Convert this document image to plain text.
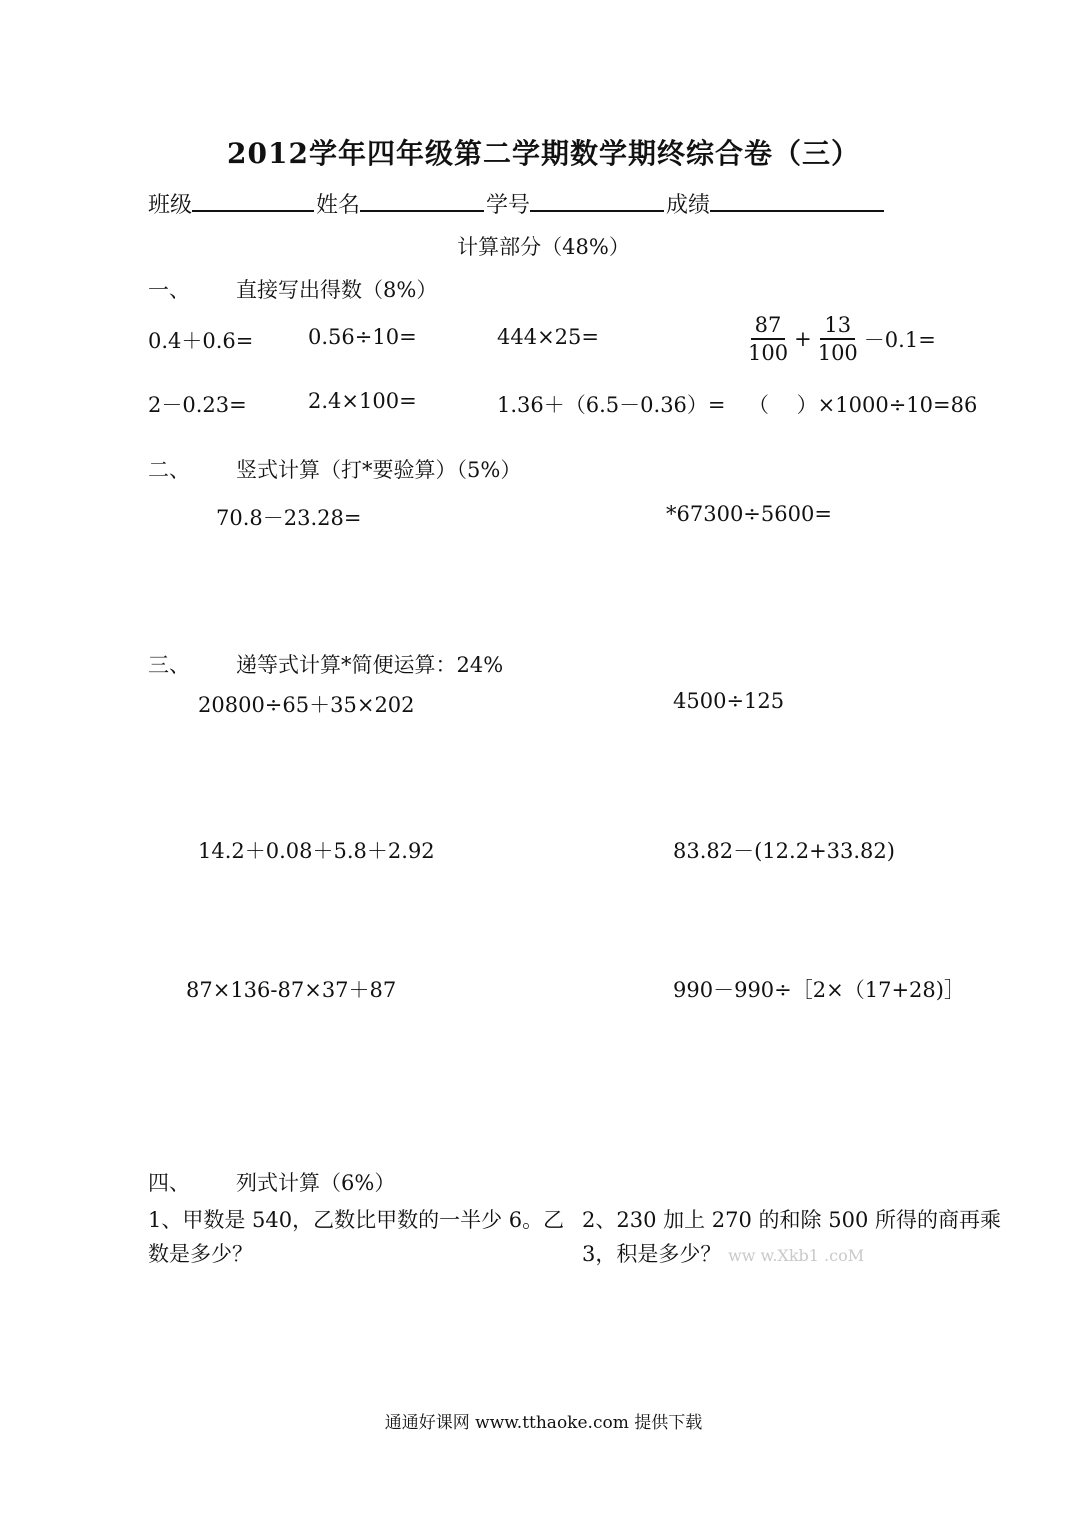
2012学年四年级第二学期数学期终综合卷（三）
班级	姓名	学号	成绩
计算部分（48%）
一、 直接写出得数（8%）
0.4＋0.6=	0.56÷10=	444×25=	$\frac{87}{100} + \frac{13}{100} -0.1=$
2－0.23=	2.4×100=	1.36＋（6.5－0.36）= （　 ）×1000÷10=86
二、 竖式计算（打*要验算）（5%）
70.8－23.28=	*67300÷5600=
三、 递等式计算*简便运算：24%
20800÷65＋35×202	4500÷125
14.2＋0.08＋5.8＋2.92	83.82－(12.2+33.82)
87×136-87×37＋87	990－990÷［2×（17+28)］
四、 列式计算（6%）
1、甲数是 540，乙数比甲数的一半少 6。乙数是多少？
2、230 加上 270 的和除 500 所得的商再乘 3，积是多少？ ww w.Xkb1 .coM
通通好课网 www.tthaoke.com 提供下载
